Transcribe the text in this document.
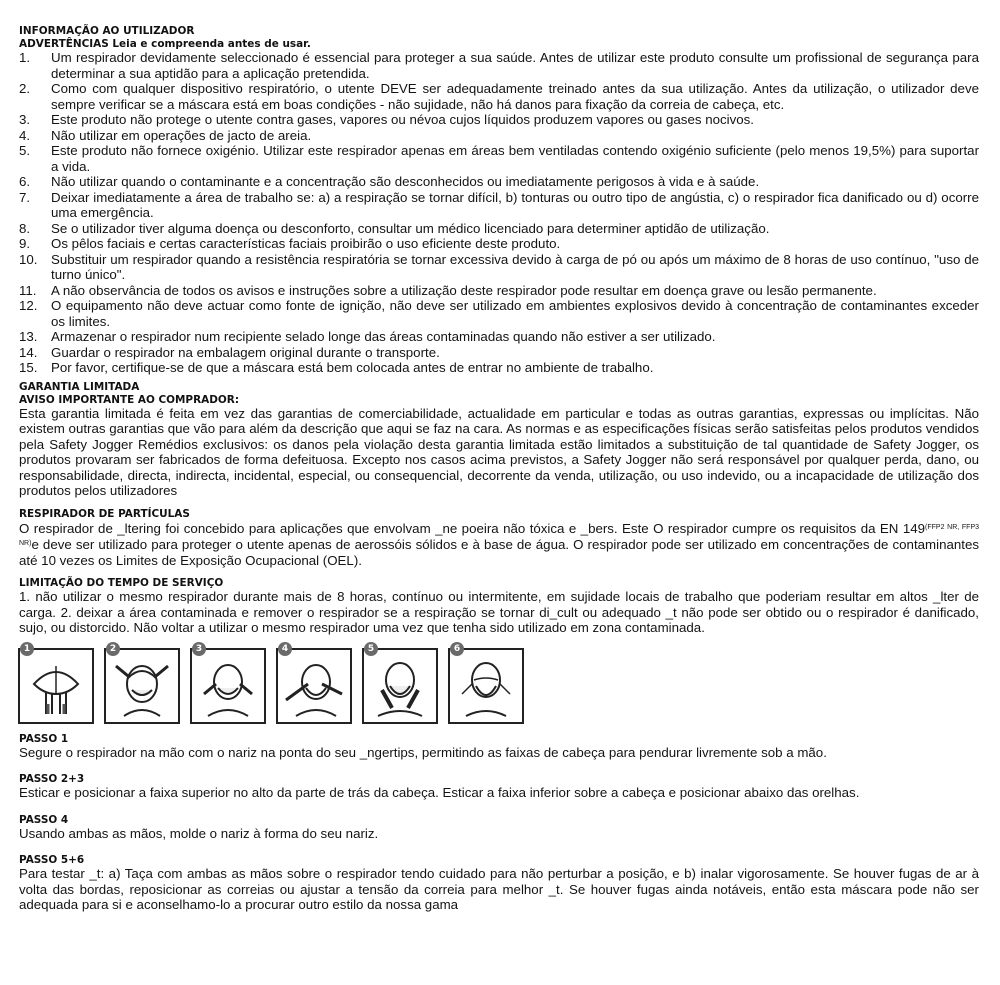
INFORMAÇÃO AO UTILIZADOR
ADVERTÊNCIAS Leia e compreenda antes de usar.
1. Um respirador devidamente seleccionado é essencial para proteger a sua saúde. Antes de utilizar este produto consulte um profissional de segurança para determinar a sua aptidão para a aplicação pretendida.
2. Como com qualquer dispositivo respiratório, o utente DEVE ser adequadamente treinado antes da sua utilização. Antes da utilização, o utilizador deve sempre verificar se a máscara está em boas condições - não sujidade, não há danos para fixação da correia de cabeça, etc.
3. Este produto não protege o utente contra gases, vapores ou névoa cujos líquidos produzem vapores ou gases nocivos.
4. Não utilizar em operações de jacto de areia.
5. Este produto não fornece oxigénio. Utilizar este respirador apenas em áreas bem ventiladas contendo oxigénio suficiente (pelo menos 19,5%) para suportar a vida.
6. Não utilizar quando o contaminante e a concentração são desconhecidos ou imediatamente perigosos à vida e à saúde.
7. Deixar imediatamente a área de trabalho se: a) a respiração se tornar difícil, b) tonturas ou outro tipo de angústia, c) o respirador fica danificado ou d) ocorre uma emergência.
8. Se o utilizador tiver alguma doença ou desconforto, consultar um médico licenciado para determiner aptidão de utilização.
9. Os pêlos faciais e certas características faciais proibirão o uso eficiente deste produto.
10. Substituir um respirador quando a resistência respiratória se tornar excessiva devido à carga de pó ou após um máximo de 8 horas de uso contínuo, "uso de turno único".
11. A não observância de todos os avisos e instruções sobre a utilização deste respirador pode resultar em doença grave ou lesão permanente.
12. O equipamento não deve actuar como fonte de ignição, não deve ser utilizado em ambientes explosivos devido à concentração de contaminantes exceder os limites.
13. Armazenar o respirador num recipiente selado longe das áreas contaminadas quando não estiver a ser utilizado.
14. Guardar o respirador na embalagem original durante o transporte.
15. Por favor, certifique-se de que a máscara está bem colocada antes de entrar no ambiente de trabalho.
GARANTIA LIMITADA
AVISO IMPORTANTE AO COMPRADOR:
Esta garantia limitada é feita em vez das garantias de comerciabilidade, actualidade em particular e todas as outras garantias, expressas ou implícitas. Não existem outras garantias que vão para além da descrição que aqui se faz na cara. As normas e as especificações físicas serão satisfeitas pelos produtos vendidos pela Safety Jogger Remédios exclusivos: os danos pela violação desta garantia limitada estão limitados a substituição de tal quantidade de Safety Jogger, os produtos provaram ser fabricados de forma defeituosa. Excepto nos casos acima previstos, a Safety Jogger não será responsável por qualquer perda, dano, ou responsabilidade, directa, indirecta, incidental, especial, ou consequencial, decorrente da venda, utilização, ou uso indevido, ou a incapacidade de utilização dos produtos pelos utilizadores
RESPIRADOR DE PARTÍCULAS
O respirador de _ltering foi concebido para aplicações que envolvam _ne poeira não tóxica e _bers. Este O respirador cumpre os requisitos da EN $149^{(FFP2 NR, FFP3 NR)}e$ deve ser utilizado para proteger o utente apenas de aerossóis sólidos e à base de água. O respirador pode ser utilizado em concentrações de contaminantes até 10 vezes os Limites de Exposição Ocupacional (OEL).
LIMITAÇÃO DO TEMPO DE SERVIÇO
1. não utilizar o mesmo respirador durante mais de 8 horas, contínuo ou intermitente, em sujidade locais de trabalho que poderiam resultar em altos _lter de carga. 2. deixar a área contaminada e remover o respirador se a respiração se tornar di_cult ou adequado _t não pode ser obtido ou o respirador é danificado, sujo, ou distorcido. Não voltar a utilizar o mesmo respirador uma vez que tenha sido utilizado em zona contaminada.
1	2	3	4	5	6
PASSO 1
Segure o respirador na mão com o nariz na ponta do seu _ngertips, permitindo as faixas de cabeça para pendurar livremente sob a mão.
PASSO 2+3
Esticar e posicionar a faixa superior no alto da parte de trás da cabeça. Esticar a faixa inferior sobre a cabeça e posicionar abaixo das orelhas.
PASSO 4
Usando ambas as mãos, molde o nariz à forma do seu nariz.
PASSO 5+6
Para testar _t: a) Taça com ambas as mãos sobre o respirador tendo cuidado para não perturbar a posição, e b) inalar vigorosamente. Se houver fugas de ar à volta das bordas, reposicionar as correias ou ajustar a tensão da correia para melhor _t. Se houver fugas ainda notáveis, então esta máscara pode não ser adequada para si e aconselhamo-lo a procurar outro estilo da nossa gama
